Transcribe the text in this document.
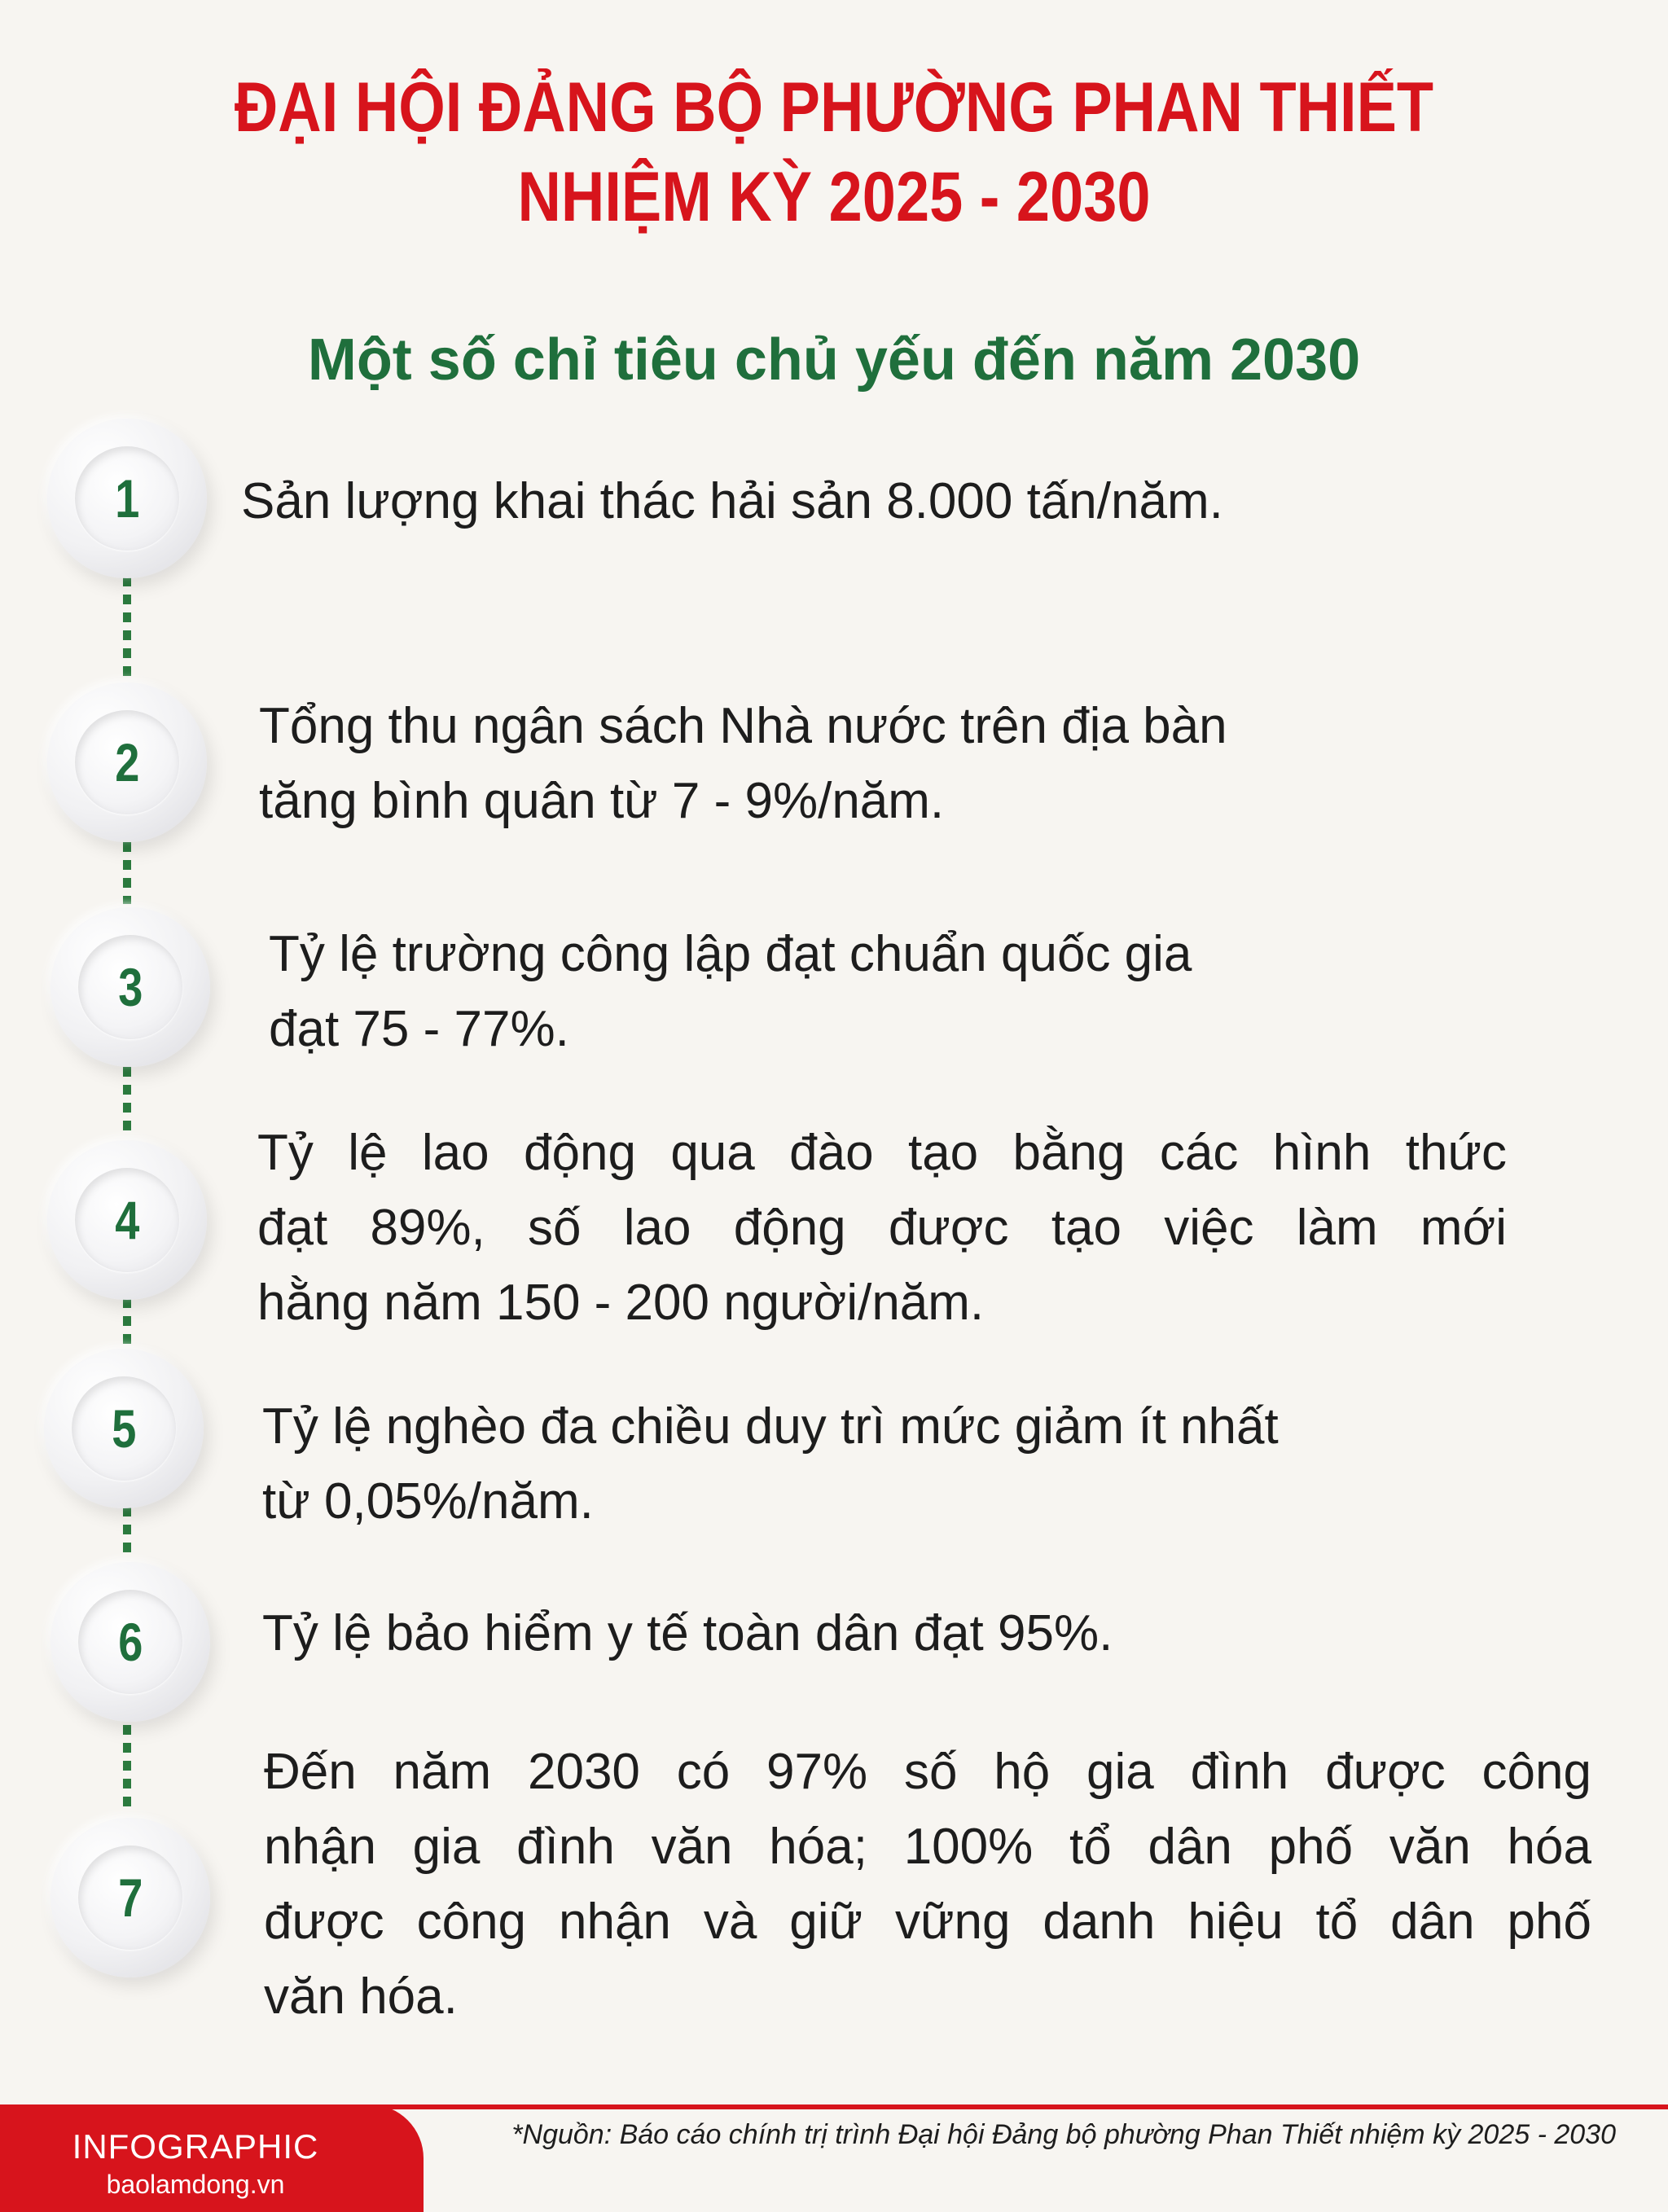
ĐẠI HỘI ĐẢNG BỘ PHƯỜNG PHAN THIẾT
NHIỆM KỲ 2025 - 2030
Một số chỉ tiêu chủ yếu đến năm 2030
1 Sản lượng khai thác hải sản 8.000 tấn/năm.
2
Tổng thu ngân sách Nhà nước trên địa bàn
tăng bình quân từ 7 - 9%/năm.
3
Tỷ lệ trường công lập đạt chuẩn quốc gia
đạt 75 - 77%.
4
Tỷ lệ lao động qua đào tạo bằng các hình thức
đạt 89%, số lao động được tạo việc làm mới
hằng năm 150 - 200 người/năm.
5 Tỷ lệ nghèo đa chiều duy trì mức giảm ít nhất
từ 0,05%/năm.
6 Tỷ lệ bảo hiểm y tế toàn dân đạt 95%.
7
Đến năm 2030 có 97% số hộ gia đình được công
nhận gia đình văn hóa; 100% tổ dân phố văn hóa
được công nhận và giữ vững danh hiệu tổ dân phố
văn hóa.
INFOGRAPHIC
baolamdong.vn
*Nguồn: Báo cáo chính trị trình Đại hội Đảng bộ phường Phan Thiết nhiệm kỳ 2025 - 2030
